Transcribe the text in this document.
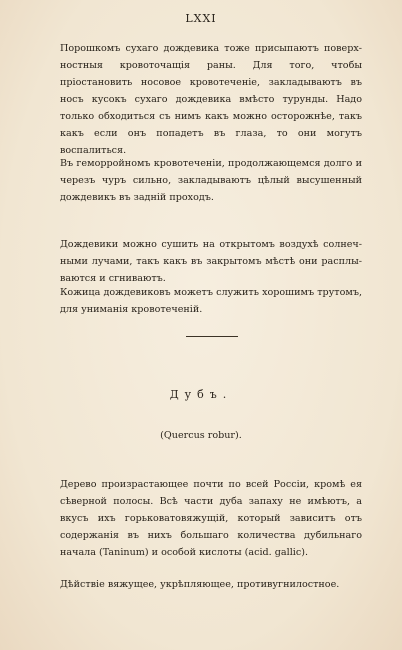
LXXI

Порошкомъ сухаго дождевика тоже присыпаютъ поверхностныя кровоточащія раны. Для того, чтобы пріостановить носовое кровотеченіе, закладываютъ въ носъ кусокъ сухаго дождевика вмѣсто турунды. Надо только обходиться съ нимъ какъ можно осторожнѣе, такъ какъ если онъ попадетъ въ глаза, то они могутъ воспалиться.

Въ геморройномъ кровотеченіи, продолжающемся долго и черезъ чуръ сильно, закладываютъ цѣлый высушенный дождевикъ въ задній проходъ.

Дождевики можно сушить на открытомъ воздухѣ солнечными лучами, такъ какъ въ закрытомъ мѣстѣ они расплываются и сгниваютъ.

Кожица дождевиковъ можетъ служить хорошимъ трутомъ, для униманія кровотеченій.

Дубъ.
(Quercus robur).

Дерево произрастающее почти по всей Россіи, кромѣ ея сѣверной полосы. Всѣ части дуба запаху не имѣютъ, а вкусъ ихъ горьковатовяжущій, который зависитъ отъ содержанія въ нихъ большаго количества дубильнаго начала (Taninum) и особой кислоты (acid. gallic).

Дѣйствіе вяжущее, укрѣпляющее, противугнилостное.
